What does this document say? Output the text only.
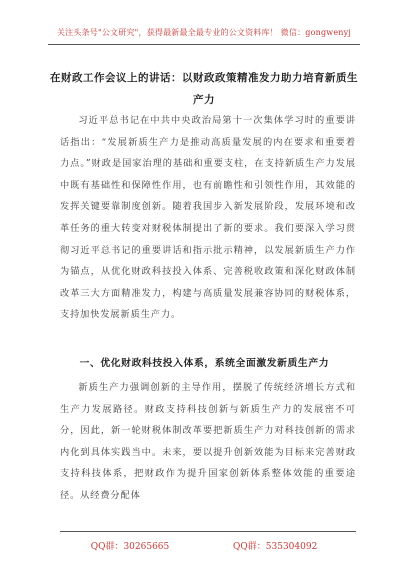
关注头条号"公文研究"，获得最新最全最专业的公文资料库！ 微信：gongwenyj
在财政工作会议上的讲话：以财政政策精准发力助力培育新质生产力
习近平总书记在中共中央政治局第十一次集体学习时的重要讲话指出：“发展新质生产力是推动高质量发展的内在要求和重要着力点。”财政是国家治理的基础和重要支柱，在支持新质生产力发展中既有基础性和保障性作用，也有前瞻性和引领性作用，其效能的发挥关键要靠制度创新。随着我国步入新发展阶段，发展环境和改革任务的重大转变对财税体制提出了新的要求。我们要深入学习贯彻习近平总书记的重要讲话和指示批示精神，以发展新质生产力作为锚点，从优化财政科技投入体系、完善税收政策和深化财政体制改革三大方面精准发力，构建与高质量发展兼容协同的财税体系，支持加快发展新质生产力。
一、优化财政科技投入体系，系统全面激发新质生产力
新质生产力强调创新的主导作用，摆脱了传统经济增长方式和生产力发展路径。财政支持科技创新与新质生产力的发展密不可分，因此，新一轮财税体制改革要把新质生产力对科技创新的需求内化到具体实践当中。未来，要以提升创新效能为目标来完善财政支持科技体系，把财政作为提升国家创新体系整体效能的重要途径。从经费分配体
QQ群：30265665	QQ群：535304092
